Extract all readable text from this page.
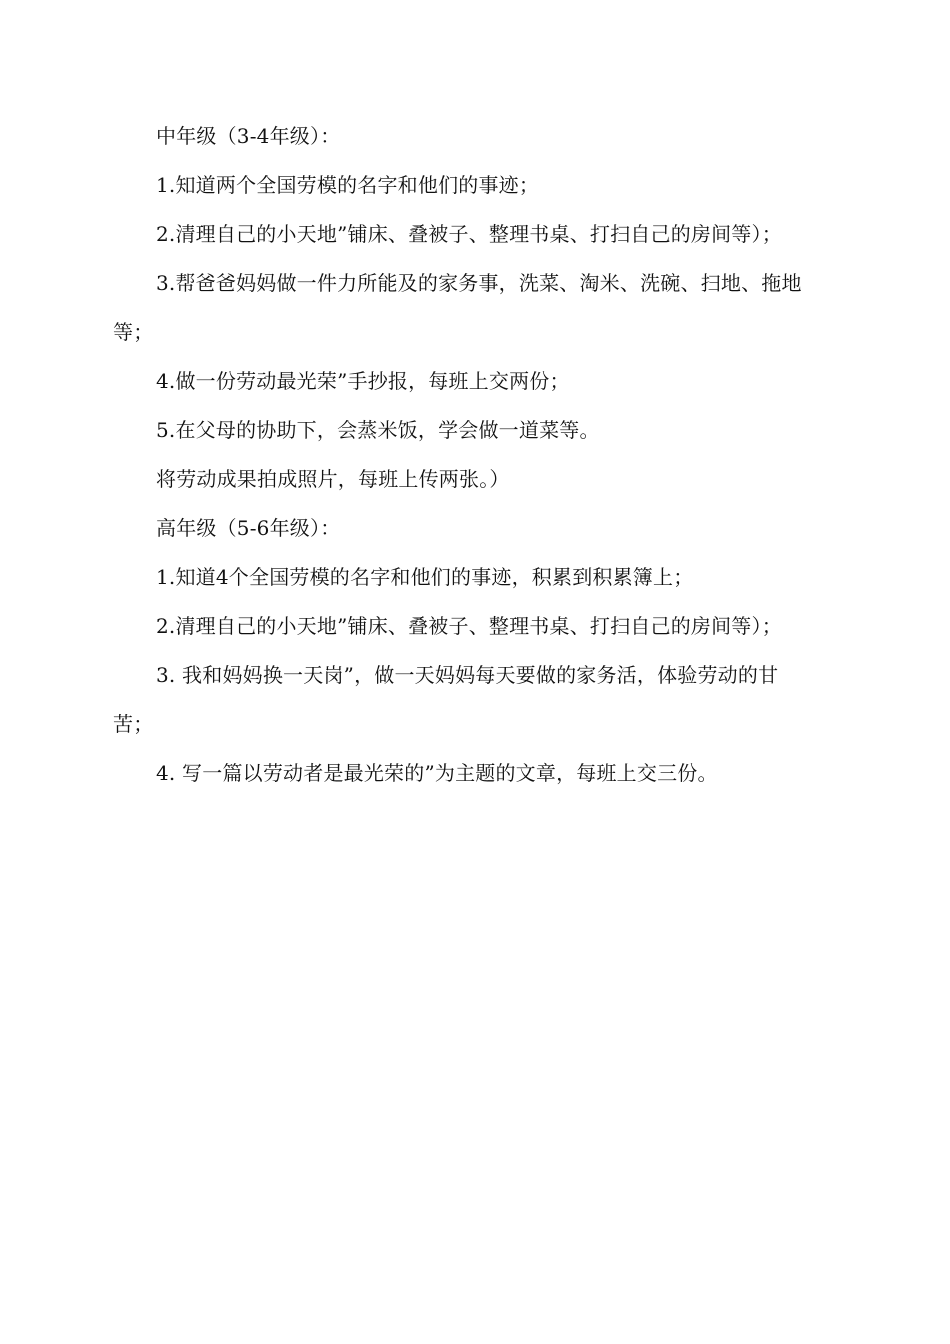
中年级（3-4年级）：

1.知道两个全国劳模的名字和他们的事迹；

2.清理自己的小天地”铺床、叠被子、整理书桌、打扫自己的房间等）；

3.帮爸爸妈妈做一件力所能及的家务事，洗菜、淘米、洗碗、扫地、拖地等；

4.做一份劳动最光荣”手抄报，每班上交两份；

5.在父母的协助下，会蒸米饭，学会做一道菜等。

将劳动成果拍成照片，每班上传两张。）

高年级（5-6年级）：

1.知道4个全国劳模的名字和他们的事迹，积累到积累簿上；

2.清理自己的小天地”铺床、叠被子、整理书桌、打扫自己的房间等）；

3. 我和妈妈换一天岗”，做一天妈妈每天要做的家务活，体验劳动的甘苦；

4. 写一篇以劳动者是最光荣的”为主题的文章，每班上交三份。
